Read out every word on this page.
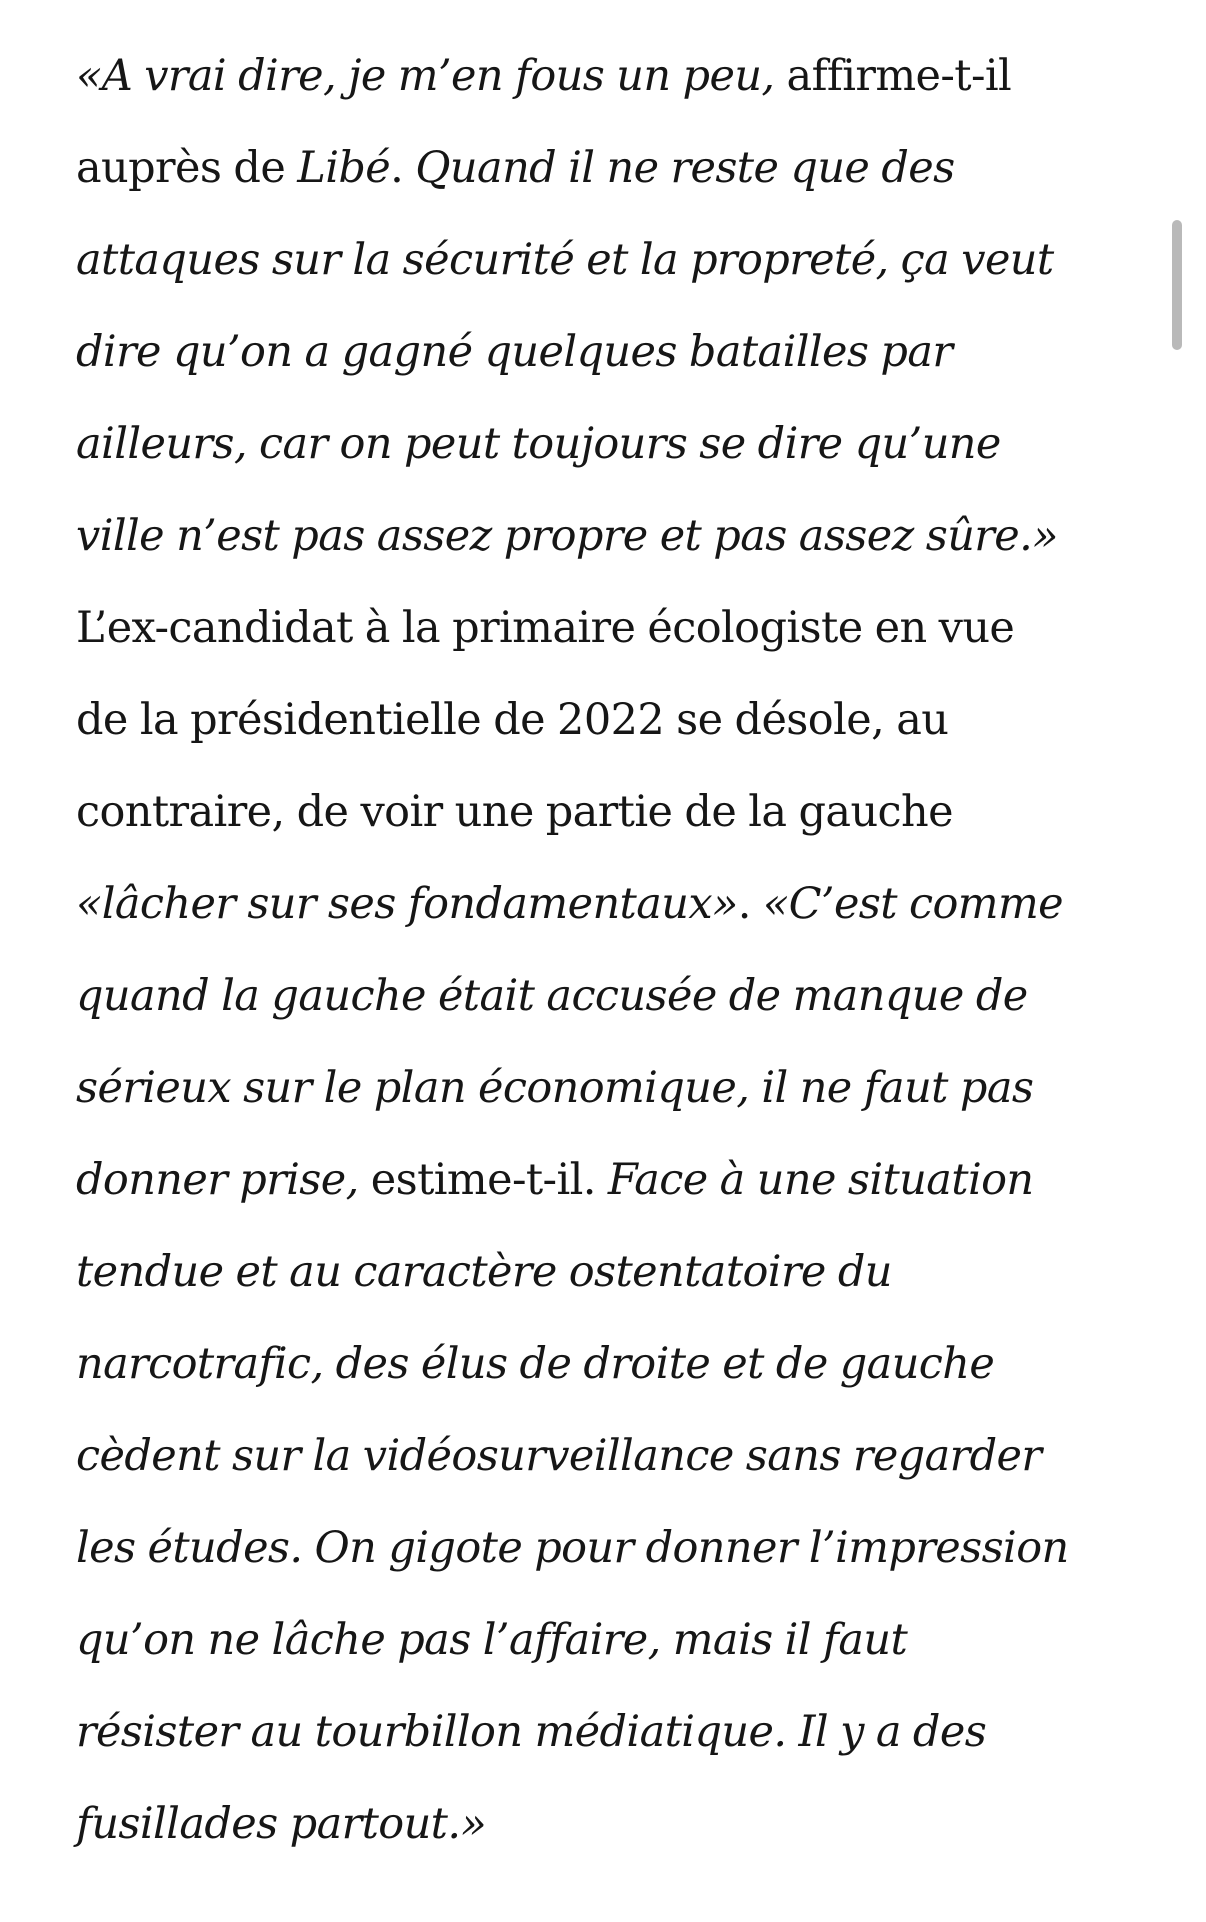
«A vrai dire, je m’en fous un peu, affirme-t-il
auprès de Libé. Quand il ne reste que des
attaques sur la sécurité et la propreté, ça veut
dire qu’on a gagné quelques batailles par
ailleurs, car on peut toujours se dire qu’une
ville n’est pas assez propre et pas assez sûre.»
L’ex-candidat à la primaire écologiste en vue
de la présidentielle de 2022 se désole, au
contraire, de voir une partie de la gauche
«lâcher sur ses fondamentaux». «C’est comme
quand la gauche était accusée de manque de
sérieux sur le plan économique, il ne faut pas
donner prise, estime-t-il. Face à une situation
tendue et au caractère ostentatoire du
narcotrafic, des élus de droite et de gauche
cèdent sur la vidéosurveillance sans regarder
les études. On gigote pour donner l’impression
qu’on ne lâche pas l’affaire, mais il faut
résister au tourbillon médiatique. Il y a des
fusillades partout.»
